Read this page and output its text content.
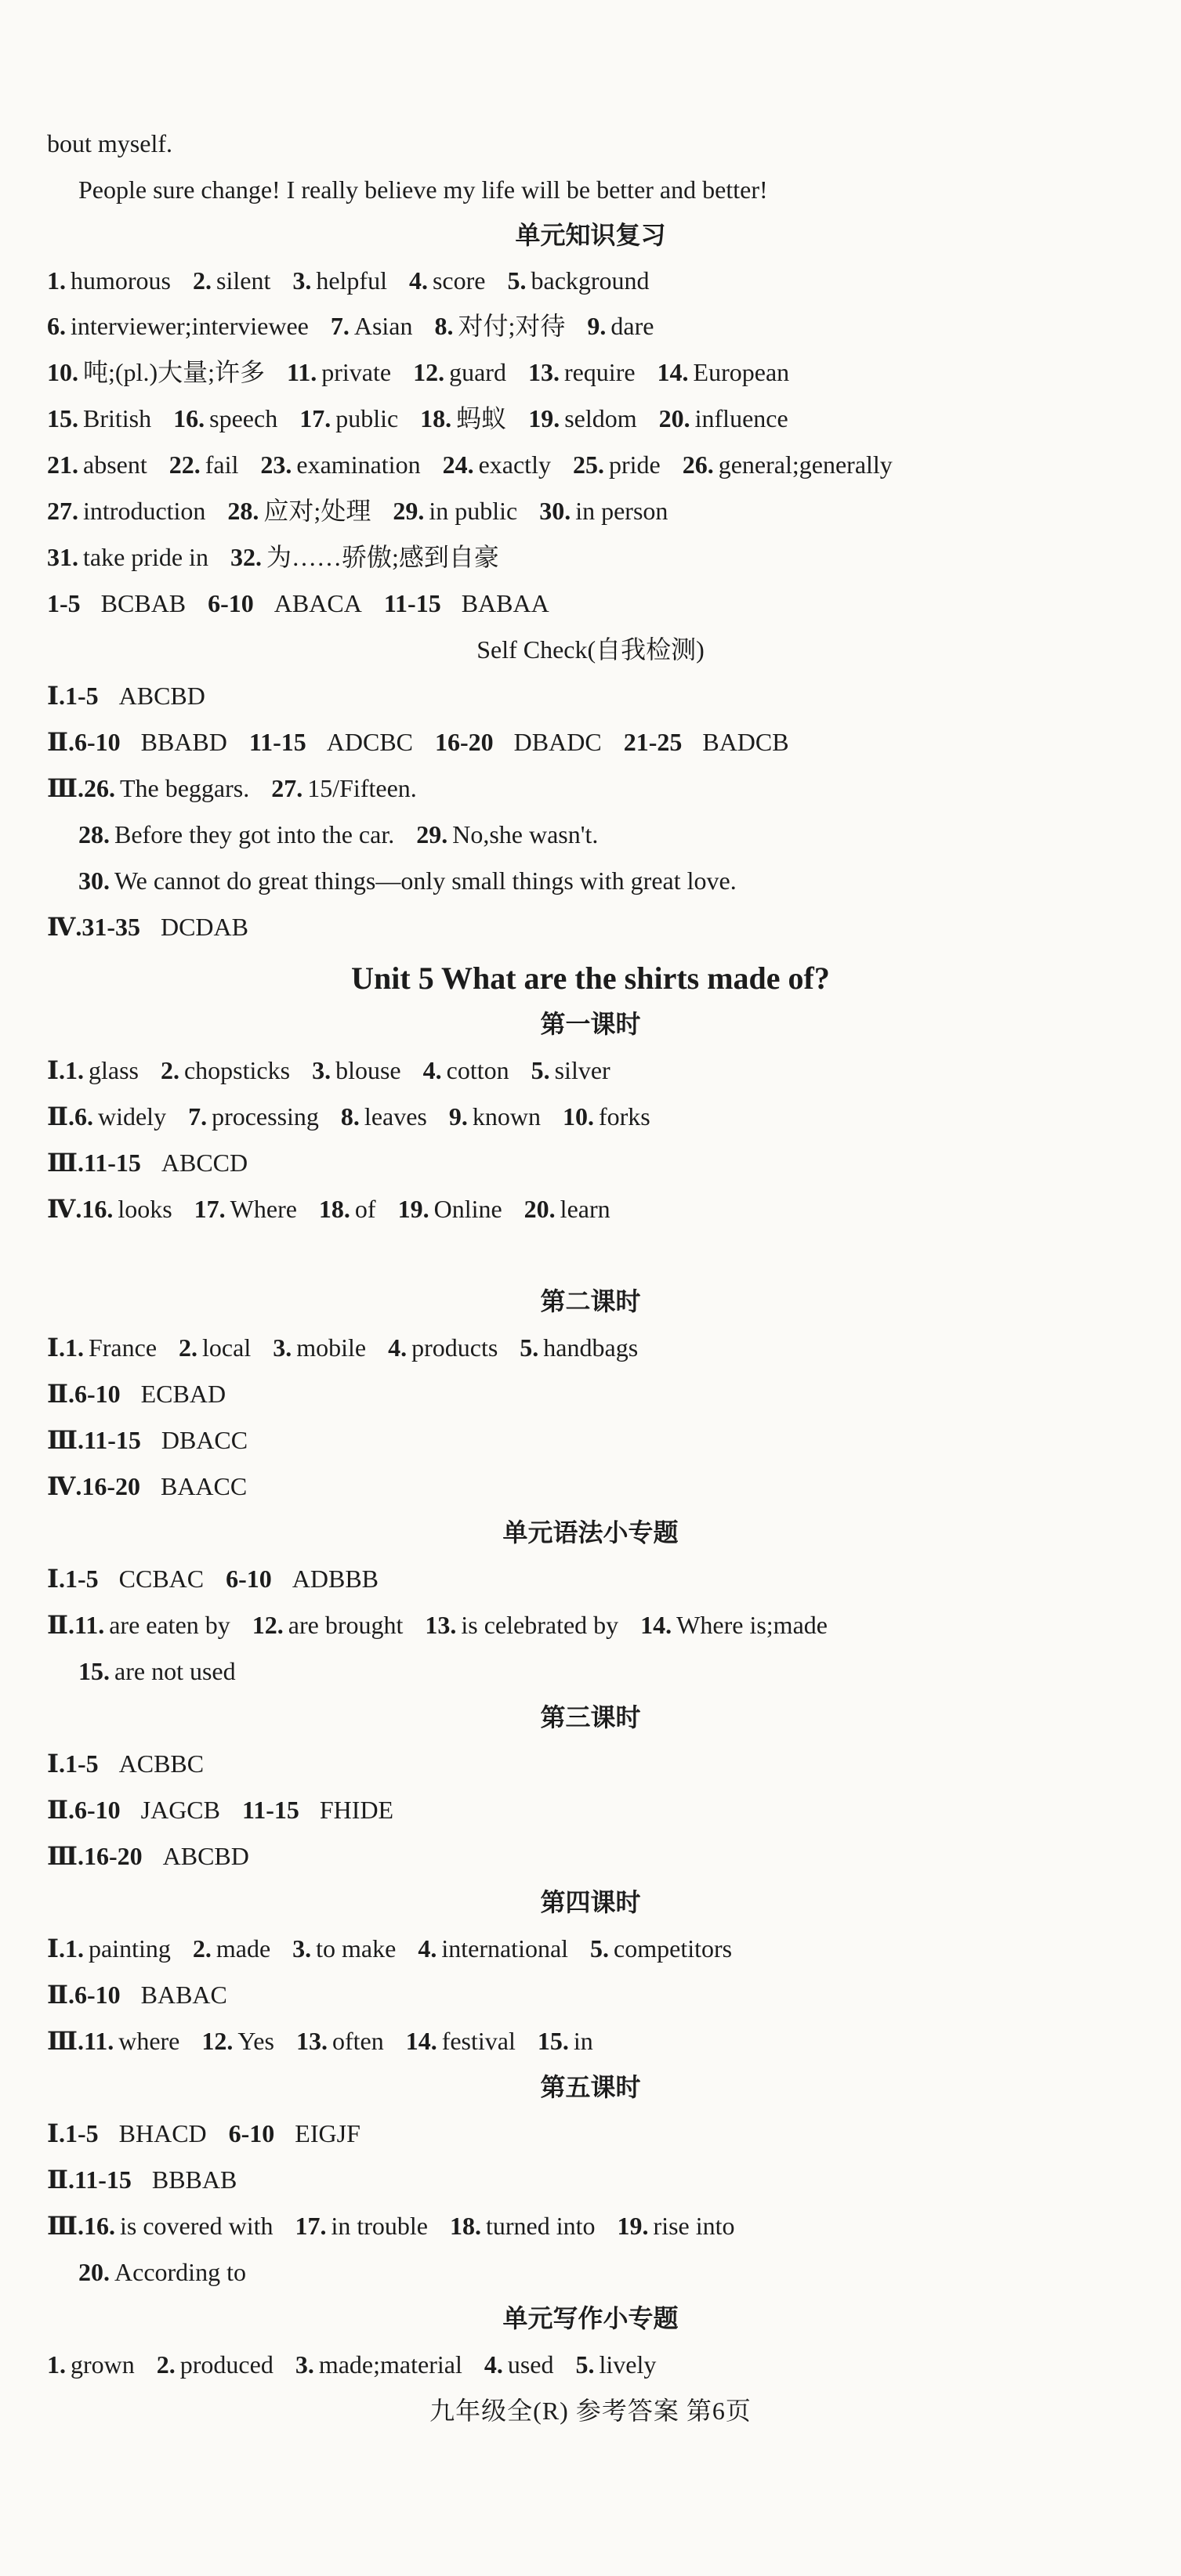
bout myself.
People sure change! I really believe my life will be better and better!
单元知识复习
1. humorous 2. silent 3. helpful 4. score 5. background
6. interviewer;interviewee 7. Asian 8. 对付;对待 9. dare
10. 吨;(pl.)大量;许多 11. private 12. guard 13. require 14. European
15. British 16. speech 17. public 18. 蚂蚁 19. seldom 20. influence
21. absent 22. fail 23. examination 24. exactly 25. pride 26. general;generally
27. introduction 28. 应对;处理 29. in public 30. in person
31. take pride in 32. 为……骄傲;感到自豪
1-5 BCBAB 6-10 ABACA 11-15 BABAA
Self Check(自我检测)
Ⅰ.1-5 ABCBD
Ⅱ.6-10 BBABD 11-15 ADCBC 16-20 DBADC 21-25 BADCB
Ⅲ.26. The beggars. 27. 15/Fifteen.
28. Before they got into the car. 29. No,she wasn't.
30. We cannot do great things—only small things with great love.
Ⅳ.31-35 DCDAB
Unit 5 What are the shirts made of?
第一课时
Ⅰ.1. glass 2. chopsticks 3. blouse 4. cotton 5. silver
Ⅱ.6. widely 7. processing 8. leaves 9. known 10. forks
Ⅲ.11-15 ABCCD
Ⅳ.16. looks 17. Where 18. of 19. Online 20. learn
第二课时
Ⅰ.1. France 2. local 3. mobile 4. products 5. handbags
Ⅱ.6-10 ECBAD
Ⅲ.11-15 DBACC
Ⅳ.16-20 BAACC
单元语法小专题
Ⅰ.1-5 CCBAC 6-10 ADBBB
Ⅱ.11. are eaten by 12. are brought 13. is celebrated by 14. Where is;made
15. are not used
第三课时
Ⅰ.1-5 ACBBC
Ⅱ.6-10 JAGCB 11-15 FHIDE
Ⅲ.16-20 ABCBD
第四课时
Ⅰ.1. painting 2. made 3. to make 4. international 5. competitors
Ⅱ.6-10 BABAC
Ⅲ.11. where 12. Yes 13. often 14. festival 15. in
第五课时
Ⅰ.1-5 BHACD 6-10 EIGJF
Ⅱ.11-15 BBBAB
Ⅲ.16. is covered with 17. in trouble 18. turned into 19. rise into
20. According to
单元写作小专题
1. grown 2. produced 3. made;material 4. used 5. lively
九年级全(R) 参考答案 第6页
